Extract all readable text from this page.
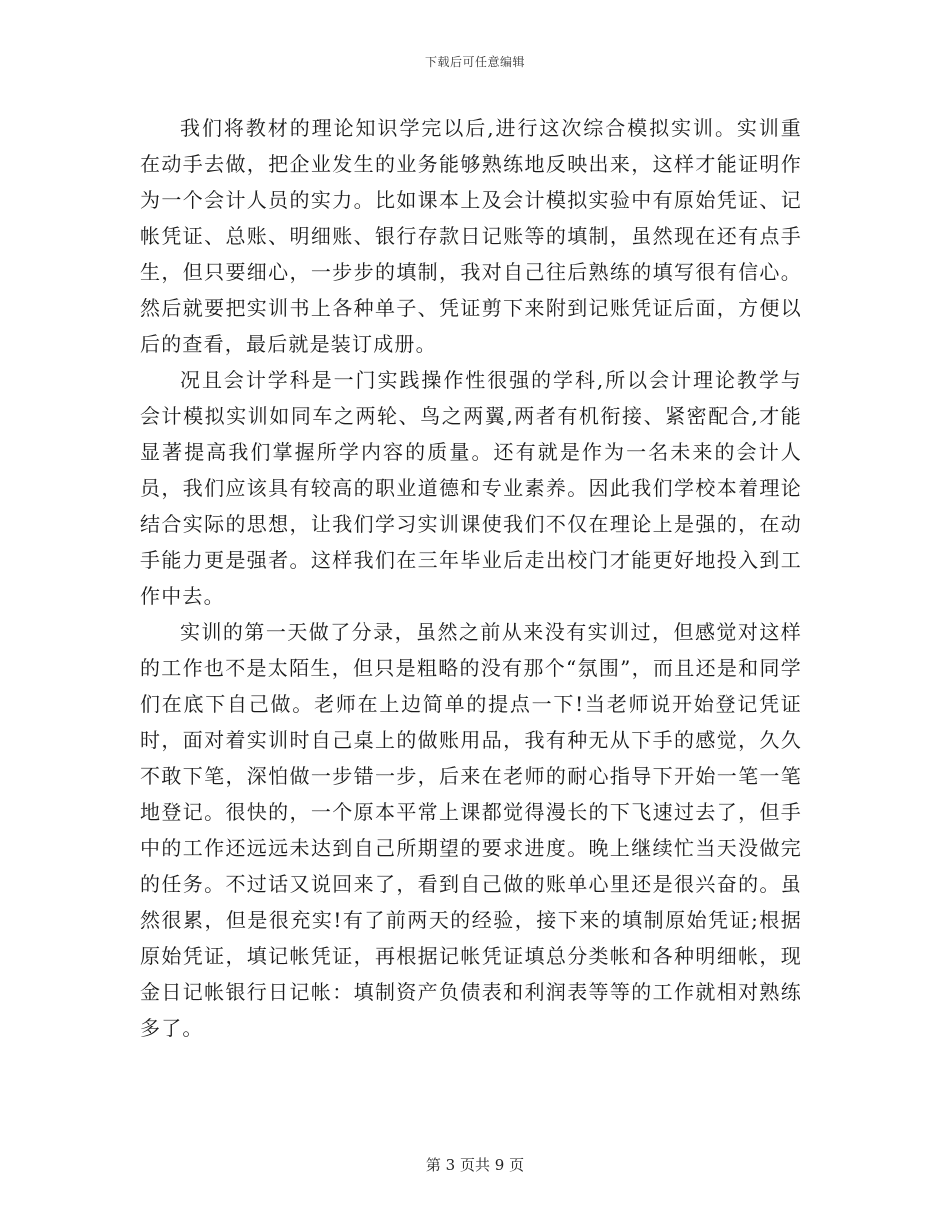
下载后可任意编辑

我们将教材的理论知识学完以后,进行这次综合模拟实训。实训重在动手去做，把企业发生的业务能够熟练地反映出来，这样才能证明作为一个会计人员的实力。比如课本上及会计模拟实验中有原始凭证、记帐凭证、总账、明细账、银行存款日记账等的填制，虽然现在还有点手生，但只要细心，一步步的填制，我对自己往后熟练的填写很有信心。然后就要把实训书上各种单子、凭证剪下来附到记账凭证后面，方便以后的查看，最后就是装订成册。

况且会计学科是一门实践操作性很强的学科,所以会计理论教学与会计模拟实训如同车之两轮、鸟之两翼,两者有机衔接、紧密配合,才能显著提高我们掌握所学内容的质量。还有就是作为一名未来的会计人员，我们应该具有较高的职业道德和专业素养。因此我们学校本着理论结合实际的思想，让我们学习实训课使我们不仅在理论上是强的，在动手能力更是强者。这样我们在三年毕业后走出校门才能更好地投入到工作中去。

实训的第一天做了分录，虽然之前从来没有实训过，但感觉对这样的工作也不是太陌生，但只是粗略的没有那个“氛围”，而且还是和同学们在底下自己做。老师在上边简单的提点一下!当老师说开始登记凭证时，面对着实训时自己桌上的做账用品，我有种无从下手的感觉，久久不敢下笔，深怕做一步错一步，后来在老师的耐心指导下开始一笔一笔地登记。很快的，一个原本平常上课都觉得漫长的下飞速过去了，但手中的工作还远远未达到自己所期望的要求进度。晚上继续忙当天没做完的任务。不过话又说回来了，看到自己做的账单心里还是很兴奋的。虽然很累，但是很充实!有了前两天的经验，接下来的填制原始凭证;根据原始凭证，填记帐凭证，再根据记帐凭证填总分类帐和各种明细帐，现金日记帐银行日记帐：填制资产负债表和利润表等等的工作就相对熟练多了。

第 3 页共 9 页
